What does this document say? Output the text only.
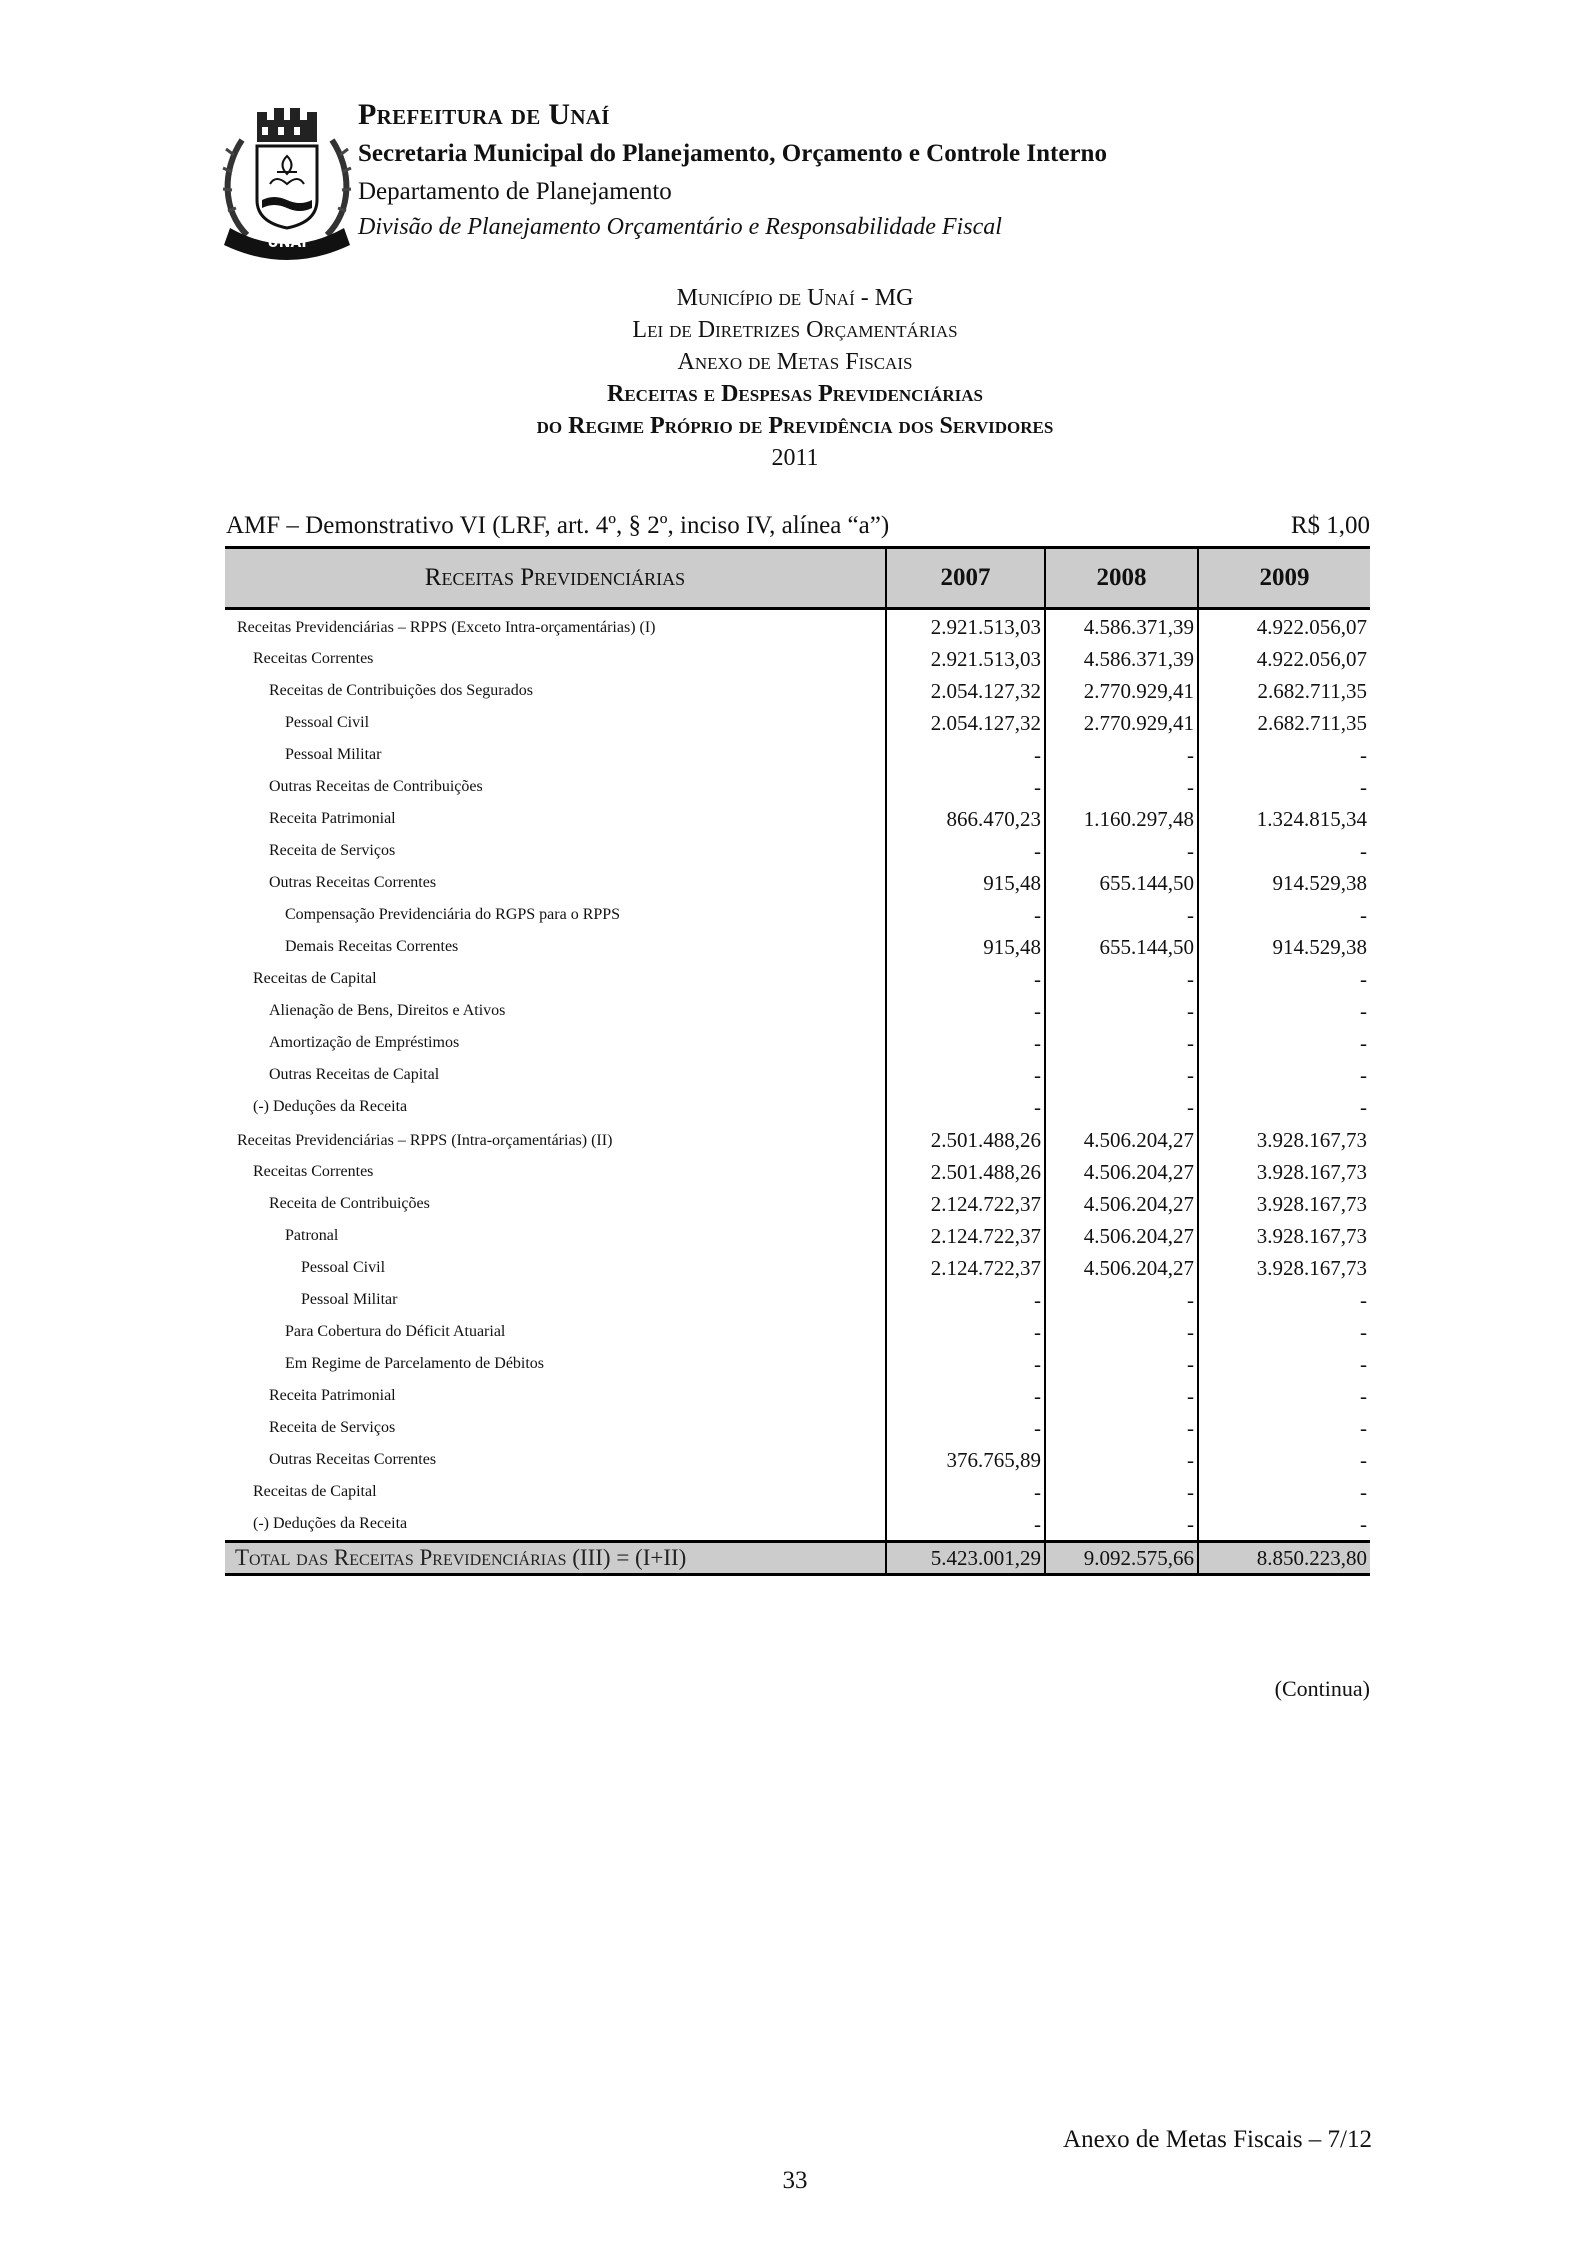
UNAÍ
Prefeitura de Unaí
Secretaria Municipal do Planejamento, Orçamento e Controle Interno
Departamento de Planejamento
Divisão de Planejamento Orçamentário e Responsabilidade Fiscal
Município de Unaí - MG
Lei de Diretrizes Orçamentárias
Anexo de Metas Fiscais
Receitas e Despesas Previdenciárias
do Regime Próprio de Previdência dos Servidores
2011
AMF – Demonstrativo VI (LRF, art. 4º, § 2º, inciso IV, alínea “a”)	R$ 1,00
Receitas Previdenciárias	2007	2008	2009
Receitas Previdenciárias – RPPS (Exceto Intra-orçamentárias) (I)	2.921.513,03	4.586.371,39	4.922.056,07
Receitas Correntes	2.921.513,03	4.586.371,39	4.922.056,07
Receitas de Contribuições dos Segurados	2.054.127,32	2.770.929,41	2.682.711,35
Pessoal Civil	2.054.127,32	2.770.929,41	2.682.711,35
Pessoal Militar	-	-	-
Outras Receitas de Contribuições	-	-	-
Receita Patrimonial	866.470,23	1.160.297,48	1.324.815,34
Receita de Serviços	-	-	-
Outras Receitas Correntes	915,48	655.144,50	914.529,38
Compensação Previdenciária do RGPS para o RPPS	-	-	-
Demais Receitas Correntes	915,48	655.144,50	914.529,38
Receitas de Capital	-	-	-
Alienação de Bens, Direitos e Ativos	-	-	-
Amortização de Empréstimos	-	-	-
Outras Receitas de Capital	-	-	-
(-) Deduções da Receita	-	-	-
Receitas Previdenciárias – RPPS (Intra-orçamentárias) (II)	2.501.488,26	4.506.204,27	3.928.167,73
Receitas Correntes	2.501.488,26	4.506.204,27	3.928.167,73
Receita de Contribuições	2.124.722,37	4.506.204,27	3.928.167,73
Patronal	2.124.722,37	4.506.204,27	3.928.167,73
Pessoal Civil	2.124.722,37	4.506.204,27	3.928.167,73
Pessoal Militar	-	-	-
Para Cobertura do Déficit Atuarial	-	-	-
Em Regime de Parcelamento de Débitos	-	-	-
Receita Patrimonial	-	-	-
Receita de Serviços	-	-	-
Outras Receitas Correntes	376.765,89	-	-
Receitas de Capital	-	-	-
(-) Deduções da Receita	-	-	-
Total das Receitas Previdenciárias (III) = (I+II)	5.423.001,29	9.092.575,66	8.850.223,80
(Continua)
Anexo de Metas Fiscais – 7/12
33
